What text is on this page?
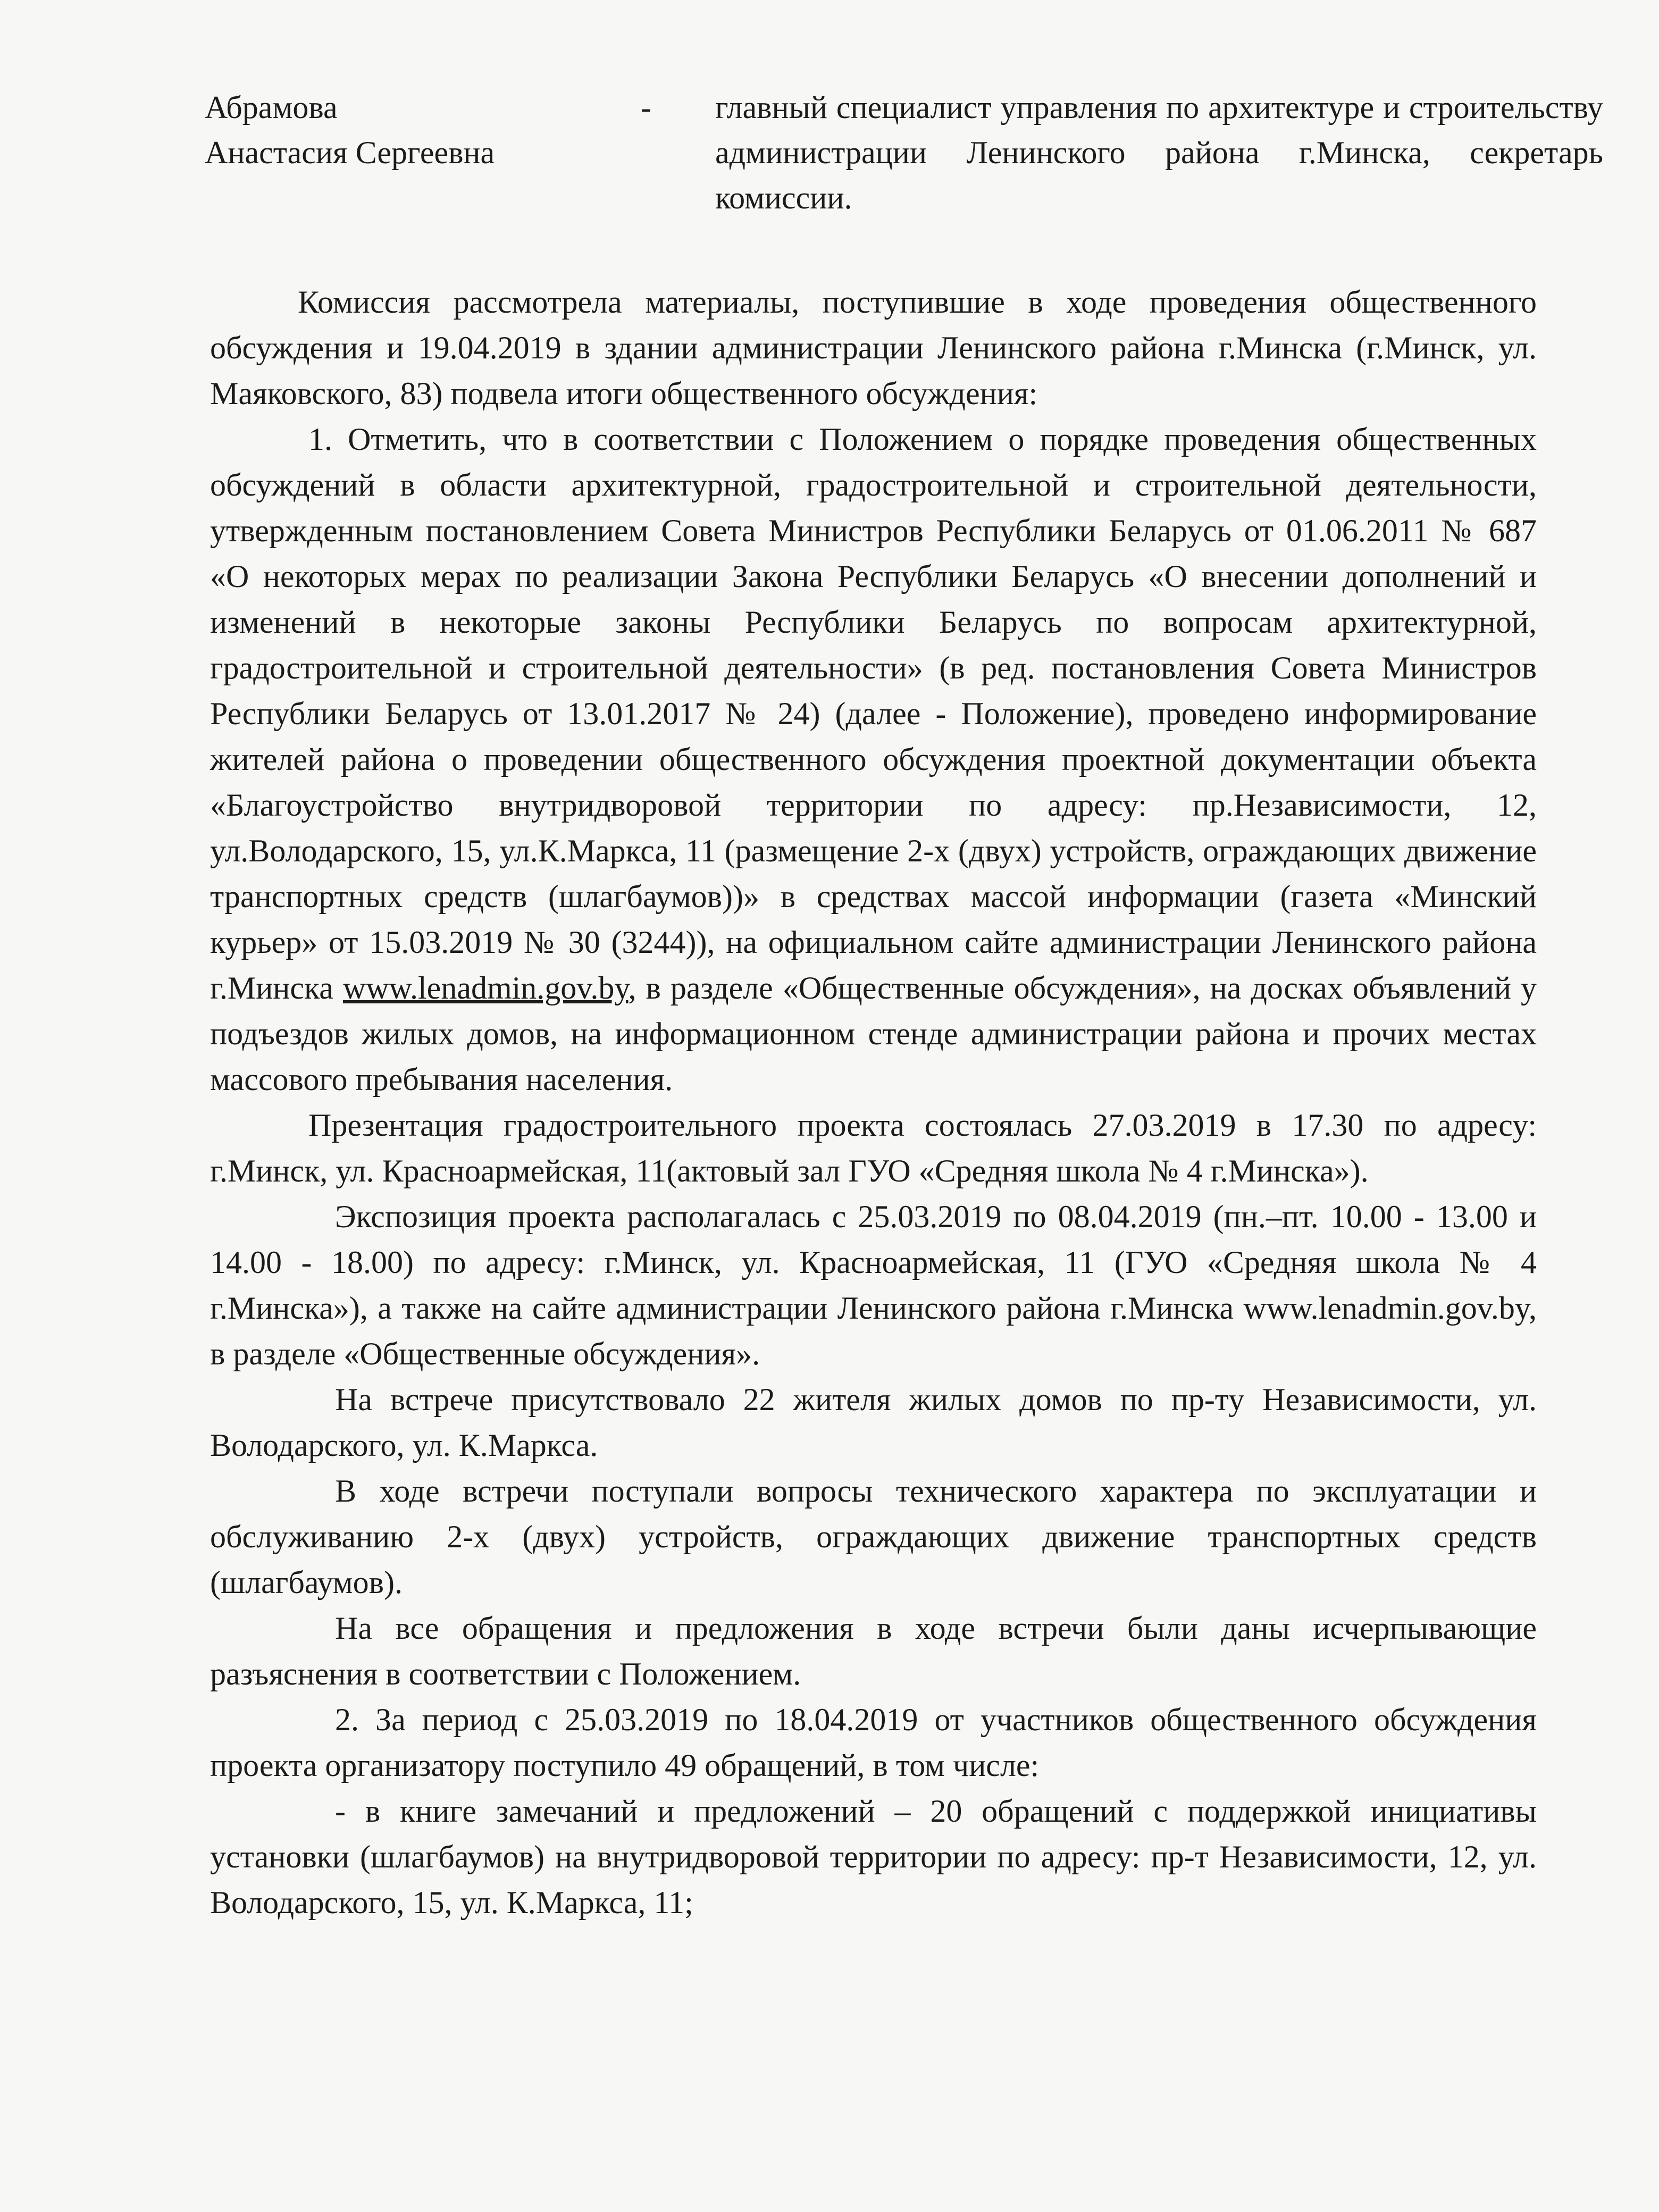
Абрамова
Анастасия Сергеевна
- главный специалист управления по архитектуре и строительству администрации Ленинского района г.Минска, секретарь комиссии.

Комиссия рассмотрела материалы, поступившие в ходе проведения общественного обсуждения и 19.04.2019 в здании администрации Ленинского района г.Минска (г.Минск, ул. Маяковского, 83) подвела итоги общественного обсуждения:

1. Отметить, что в соответствии с Положением о порядке проведения общественных обсуждений в области архитектурной, градостроительной и строительной деятельности, утвержденным постановлением Совета Министров Республики Беларусь от 01.06.2011 № 687 «О некоторых мерах по реализации Закона Республики Беларусь «О внесении дополнений и изменений в некоторые законы Республики Беларусь по вопросам архитектурной, градостроительной и строительной деятельности» (в ред. постановления Совета Министров Республики Беларусь от 13.01.2017 № 24) (далее - Положение), проведено информирование жителей района о проведении общественного обсуждения проектной документации объекта «Благоустройство внутридворовой территории по адресу: пр.Независимости, 12, ул.Володарского, 15, ул.К.Маркса, 11 (размещение 2-х (двух) устройств, ограждающих движение транспортных средств (шлагбаумов))» в средствах массой информации (газета «Минский курьер» от 15.03.2019 № 30 (3244)), на официальном сайте администрации Ленинского района г.Минска www.lenadmin.gov.by, в разделе «Общественные обсуждения», на досках объявлений у подъездов жилых домов, на информационном стенде администрации района и прочих местах массового пребывания населения.

Презентация градостроительного проекта состоялась 27.03.2019 в 17.30 по адресу: г.Минск, ул. Красноармейская, 11(актовый зал ГУО «Средняя школа № 4 г.Минска»).

Экспозиция проекта располагалась с 25.03.2019 по 08.04.2019 (пн.–пт. 10.00 - 13.00 и 14.00 - 18.00) по адресу: г.Минск, ул. Красноармейская, 11 (ГУО «Средняя школа № 4 г.Минска»), а также на сайте администрации Ленинского района г.Минска www.lenadmin.gov.by, в разделе «Общественные обсуждения».

На встрече присутствовало 22 жителя жилых домов по пр-ту Независимости, ул. Володарского, ул. К.Маркса.

В ходе встречи поступали вопросы технического характера по эксплуатации и обслуживанию 2-х (двух) устройств, ограждающих движение транспортных средств (шлагбаумов).

На все обращения и предложения в ходе встречи были даны исчерпывающие разъяснения в соответствии с Положением.

2. За период с 25.03.2019 по 18.04.2019 от участников общественного обсуждения проекта организатору поступило 49 обращений, в том числе:

- в книге замечаний и предложений – 20 обращений с поддержкой инициативы установки (шлагбаумов) на внутридворовой территории по адресу: пр-т Независимости, 12, ул. Володарского, 15, ул. К.Маркса, 11;
